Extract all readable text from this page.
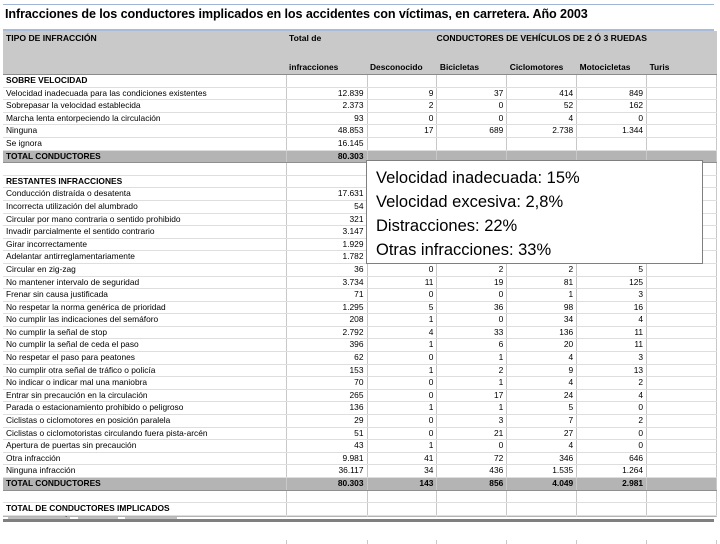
Infracciones de los conductores implicados en los accidentes con víctimas, en carretera. Año 2003
TIPO DE INFRACCIÓN	Total de	CONDUCTORES DE VEHÍCULOS DE 2 Ó 3 RUEDAS				

	infracciones	Desconocido	Bicicletas	Ciclomotores	Motocicletas	Turis
SOBRE VELOCIDAD						
Velocidad inadecuada para las condiciones existentes	12.839	9	37	414	849	
Sobrepasar la velocidad establecida	2.373	2	0	52	162	
Marcha lenta entorpeciendo la circulación	93	0	0	4	0	
Ninguna	48.853	17	689	2.738	1.344	
Se ignora	16.145					
TOTAL CONDUCTORES	80.303					

RESTANTES INFRACCIONES						
Conducción distraída o desatenta	17.631					
Incorrecta utilización del alumbrado	54					
Circular por mano contraria o sentido prohibido	321					
Invadir parcialmente el sentido contrario	3.147					
Girar incorrectamente	1.929					
Adelantar antirreglamentariamente	1.782					
Circular en zig-zag	36	0	2	2	5	
No mantener intervalo de seguridad	3.734	11	19	81	125	
Frenar sin causa justificada	71	0	0	1	3	
No respetar la norma genérica de prioridad	1.295	5	36	98	16	
No cumplir las indicaciones del semáforo	208	1	0	34	4	
No cumplir la señal de stop	2.792	4	33	136	11	
No cumplir la señal de ceda el paso	396	1	6	20	11	
No respetar el paso para peatones	62	0	1	4	3	
No cumplir otra señal de tráfico o policía	153	1	2	9	13	
No indicar o indicar mal una maniobra	70	0	1	4	2	
Entrar sin precaución en la circulación	265	0	17	24	4	
Parada o estacionamiento prohibido o peligroso	136	1	1	5	0	
Ciclistas o ciclomotores en posición paralela	29	0	3	7	2	
Ciclistas o ciclomotoristas circulando fuera pista-arcén	51	0	21	27	0	
Apertura de puertas sin precaución	43	1	0	4	0	
Otra infracción	9.981	41	72	346	646	
Ninguna infracción	36.117	34	436	1.535	1.264	
TOTAL CONDUCTORES	80.303	143	856	4.049	2.981	

TOTAL DE CONDUCTORES IMPLICADOS						

Velocidad inadecuada: 15%
Velocidad excesiva: 2,8%
Distracciones: 22%
Otras infracciones: 33%
